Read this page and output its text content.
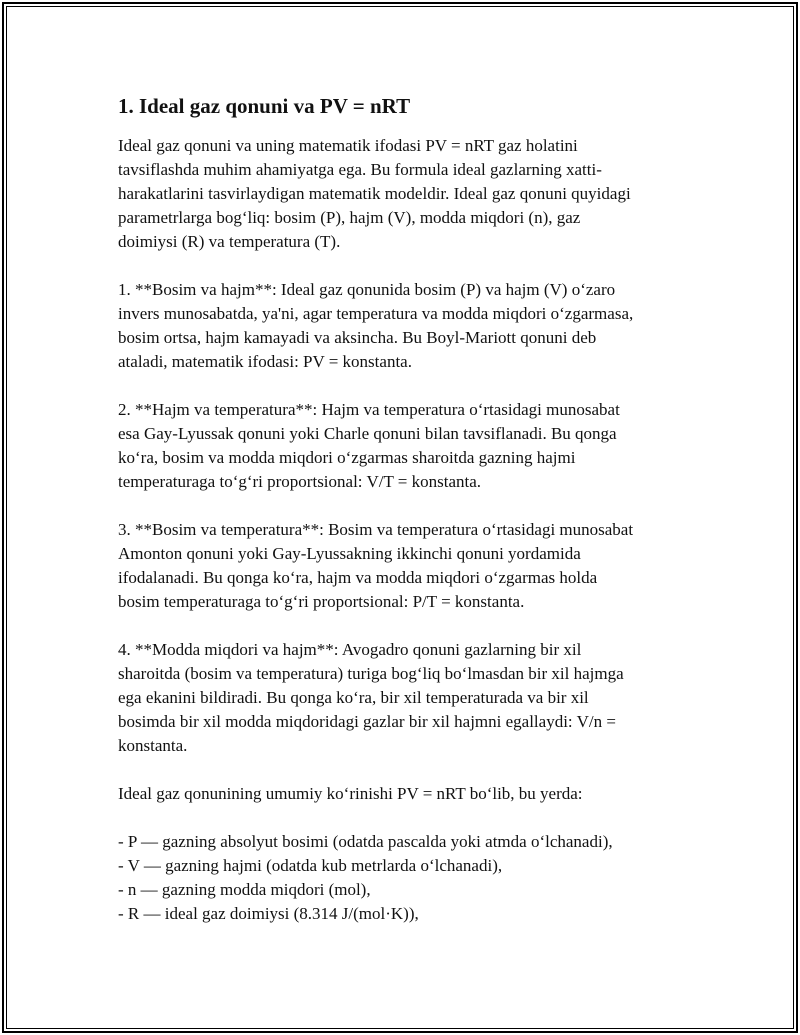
1. Ideal gaz qonuni va PV = nRT

Ideal gaz qonuni va uning matematik ifodasi PV = nRT gaz holatini
tavsiflashda muhim ahamiyatga ega. Bu formula ideal gazlarning xatti-
harakatlarini tasvirlaydigan matematik modeldir. Ideal gaz qonuni quyidagi
parametrlarga bog‘liq: bosim (P), hajm (V), modda miqdori (n), gaz
doimiysi (R) va temperatura (T).

1. **Bosim va hajm**: Ideal gaz qonunida bosim (P) va hajm (V) o‘zaro
invers munosabatda, ya'ni, agar temperatura va modda miqdori o‘zgarmasa,
bosim ortsa, hajm kamayadi va aksincha. Bu Boyl-Mariott qonuni deb
ataladi, matematik ifodasi: PV = konstanta.

2. **Hajm va temperatura**: Hajm va temperatura o‘rtasidagi munosabat
esa Gay-Lyussak qonuni yoki Charle qonuni bilan tavsiflanadi. Bu qonga
ko‘ra, bosim va modda miqdori o‘zgarmas sharoitda gazning hajmi
temperaturaga to‘g‘ri proportsional: V/T = konstanta.

3. **Bosim va temperatura**: Bosim va temperatura o‘rtasidagi munosabat
Amonton qonuni yoki Gay-Lyussakning ikkinchi qonuni yordamida
ifodalanadi. Bu qonga ko‘ra, hajm va modda miqdori o‘zgarmas holda
bosim temperaturaga to‘g‘ri proportsional: P/T = konstanta.

4. **Modda miqdori va hajm**: Avogadro qonuni gazlarning bir xil
sharoitda (bosim va temperatura) turiga bog‘liq bo‘lmasdan bir xil hajmga
ega ekanini bildiradi. Bu qonga ko‘ra, bir xil temperaturada va bir xil
bosimda bir xil modda miqdoridagi gazlar bir xil hajmni egallaydi: V/n =
konstanta.

Ideal gaz qonunining umumiy ko‘rinishi PV = nRT bo‘lib, bu yerda:

- P — gazning absolyut bosimi (odatda pascalda yoki atmda o‘lchanadi),
- V — gazning hajmi (odatda kub metrlarda o‘lchanadi),
- n — gazning modda miqdori (mol),
- R — ideal gaz doimiysi (8.314 J/(mol·K)),
